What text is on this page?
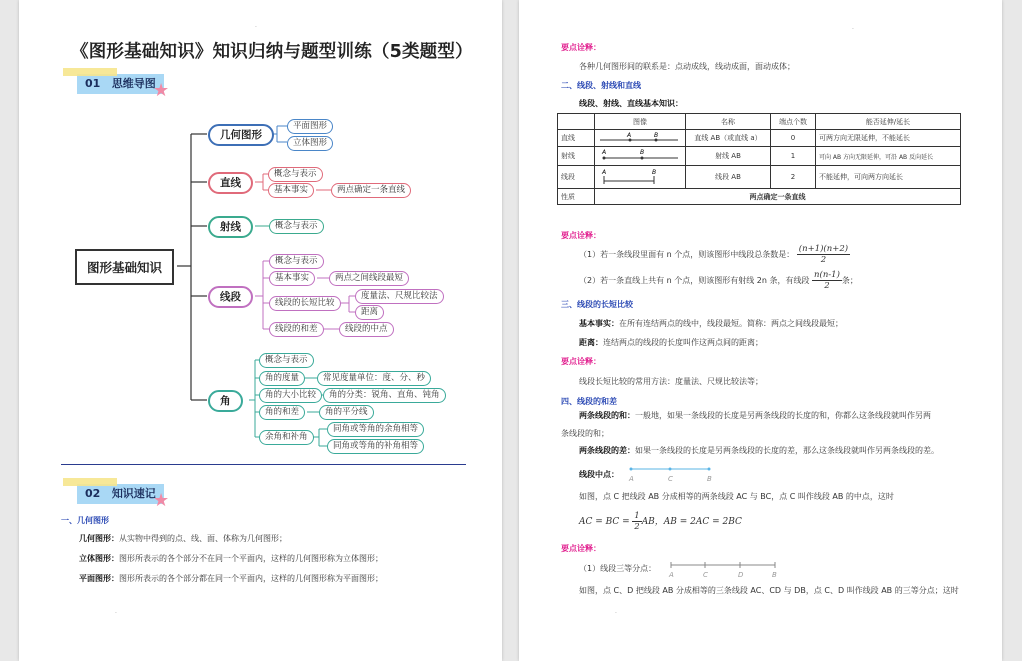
·
《图形基础知识》知识归纳与题型训练（5类题型）
01 思维导图
★
图形基础知识
几何图形
平面图形
立体图形
直线
概念与表示
基本事实	两点确定一条直线
射线	概念与表示
线段
概念与表示
基本事实	两点之间线段最短
线段的长短比较
度量法、尺规比较法
距离
线段的和差	线段的中点
角
概念与表示
角的度量	常见度量单位：度、分、秒
角的大小比较	角的分类：锐角、直角、钝角
角的和差	角的平分线
余角和补角
同角或等角的余角相等
同角或等角的补角相等
02 知识速记
★
一、几何图形
几何图形：从实物中得到的点、线、面、体称为几何图形；
立体图形：图形所表示的各个部分不在同一个平面内，这样的几何图形称为立体图形；
平面图形：图形所表示的各个部分都在同一个平面内，这样的几何图形称为平面图形；
·
·
要点诠释：
各种几何图形间的联系是：点动成线，线动成面，面动成体；
二、线段、射线和直线
线段、射线、直线基本知识：
	图像	名称	端点个数	能否延伸/延长
直线	A B	直线 AB（或直线 a）	0	可两方向无限延伸，不能延长
射线	A B	射线 AB	1	可向 AB 方向无限延伸，可沿 AB 反向延长
线段	A B	线段 AB	2	不能延伸，可向两方向延长
性质	两点确定一条直线			
要点诠释：
（1）若一条线段里面有 n 个点，则该图形中线段总条数是： $\frac{(n+1)(n+2)}{2}$
（2）若一条直线上共有 n 个点，则该图形有射线 2n 条，有线段 $\frac{n(n-1)}{2}$ 条；
三、线段的长短比较
基本事实：在所有连结两点的线中，线段最短。简称：两点之间线段最短；
距离：连结两点的线段的长度叫作这两点间的距离；
要点诠释：
线段长短比较的常用方法：度量法、尺规比较法等；
四、线段的和差
两条线段的和：一般地，如果一条线段的长度是另两条线段的长度的和，你都么这条线段就叫作另两
条线段的和；
两条线段的差：如果一条线段的长度是另两条线段的长度的差，那么这条线段就叫作另两条线段的差。
线段中点： A	C	B
如图，点 C 把线段 AB 分成相等的两条线段 AC 与 BC，点 C 叫作线段 AB 的中点，这时
AC = BC = $\frac{1}{2}$ AB，AB = 2AC = 2BC
要点诠释：
（1）线段三等分点：
A	C	D	B
如图，点 C、D 把线段 AB 分成相等的三条线段 AC、CD 与 DB，点 C、D 叫作线段 AB 的三等分点；这时
·
